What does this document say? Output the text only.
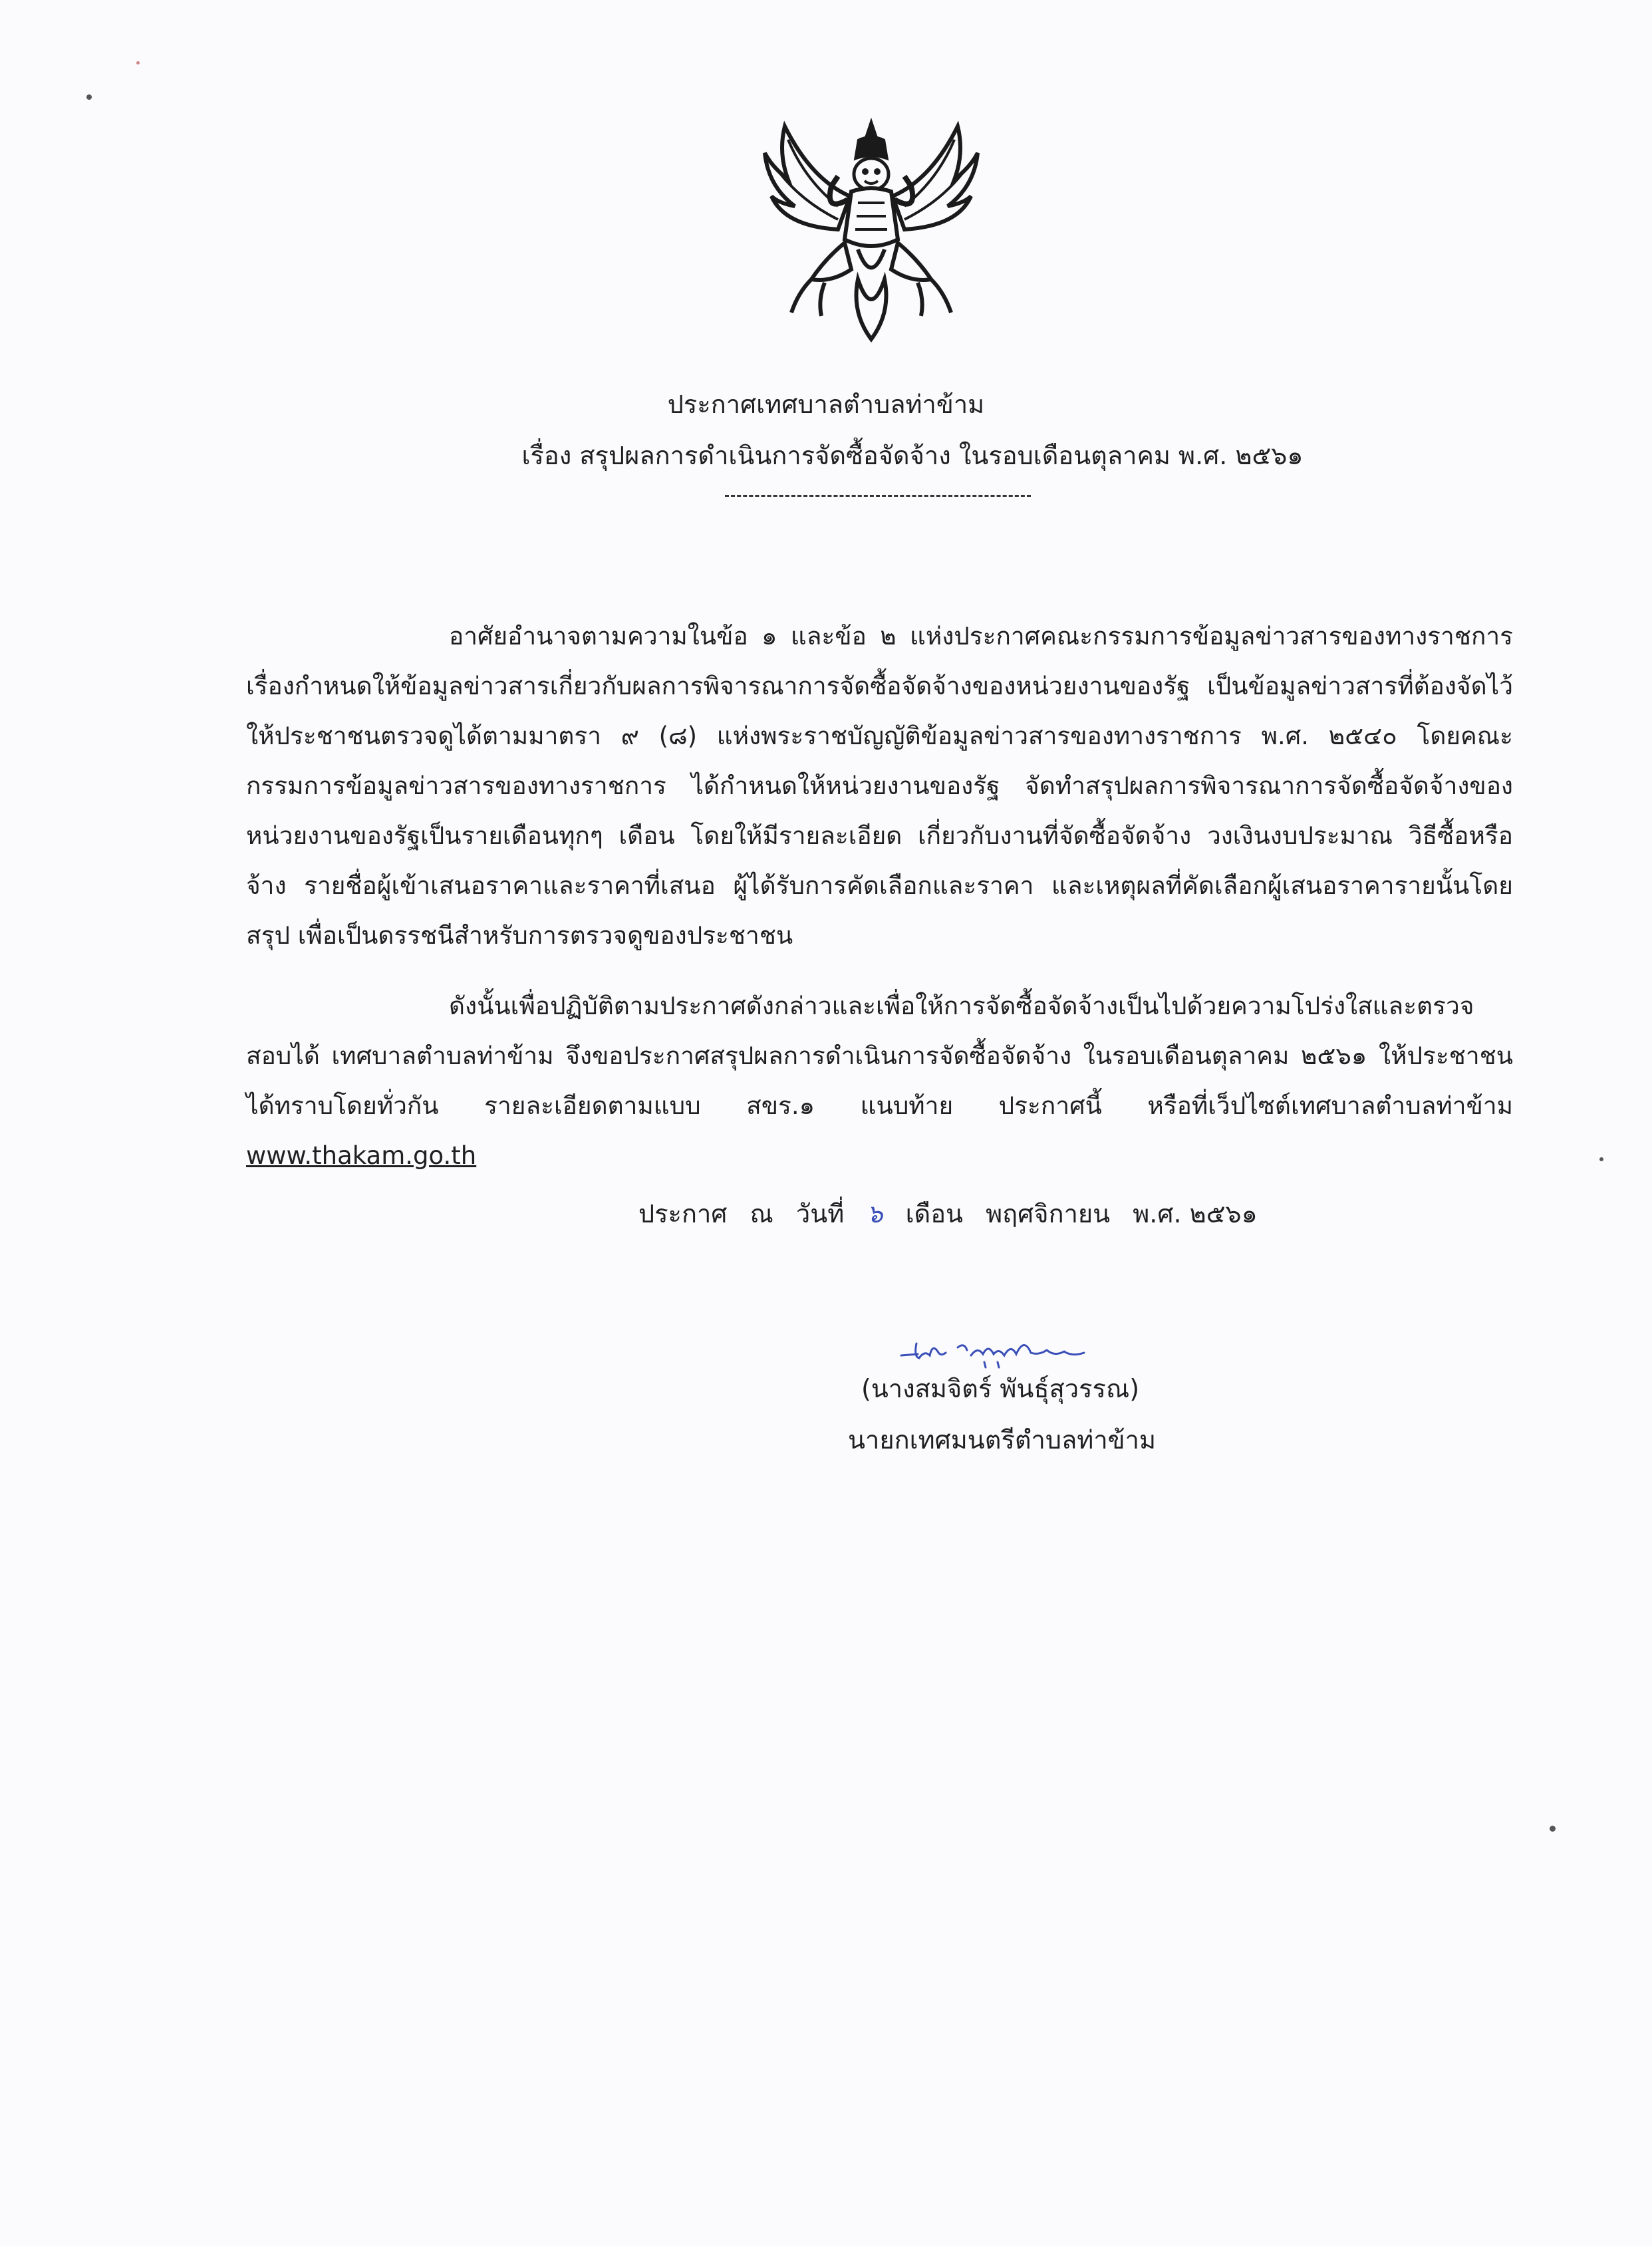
ประกาศเทศบาลตำบลท่าข้าม
เรื่อง สรุปผลการดำเนินการจัดซื้อจัดจ้าง ในรอบเดือนตุลาคม พ.ศ. ๒๕๖๑

อาศัยอำนาจตามความในข้อ ๑ และข้อ ๒ แห่งประกาศคณะกรรมการข้อมูลข่าวสารของทางราชการ เรื่องกำหนดให้ข้อมูลข่าวสารเกี่ยวกับผลการพิจารณาการจัดซื้อจัดจ้างของหน่วยงานของรัฐ เป็นข้อมูลข่าวสารที่ต้องจัดไว้ให้ประชาชนตรวจดูได้ตามมาตรา ๙ (๘) แห่งพระราชบัญญัติข้อมูลข่าวสารของทางราชการ พ.ศ. ๒๕๔๐ โดยคณะกรรมการข้อมูลข่าวสารของทางราชการ ได้กำหนดให้หน่วยงานของรัฐ จัดทำสรุปผลการพิจารณาการจัดซื้อจัดจ้างของหน่วยงานของรัฐเป็นรายเดือนทุกๆ เดือน โดยให้มีรายละเอียด เกี่ยวกับงานที่จัดซื้อจัดจ้าง วงเงินงบประมาณ วิธีซื้อหรือจ้าง รายชื่อผู้เข้าเสนอราคาและราคาที่เสนอ ผู้ได้รับการคัดเลือกและราคา และเหตุผลที่คัดเลือกผู้เสนอราคารายนั้นโดยสรุป เพื่อเป็นดรรชนีสำหรับการตรวจดูของประชาชน

ดังนั้นเพื่อปฏิบัติตามประกาศดังกล่าวและเพื่อให้การจัดซื้อจัดจ้างเป็นไปด้วยความโปร่งใสและตรวจสอบได้ เทศบาลตำบลท่าข้าม จึงขอประกาศสรุปผลการดำเนินการจัดซื้อจัดจ้าง ในรอบเดือนตุลาคม ๒๕๖๑ ให้ประชาชนได้ทราบโดยทั่วกัน รายละเอียดตามแบบ สขร.๑ แนบท้าย ประกาศนี้ หรือที่เว็ปไซต์เทศบาลตำบลท่าข้าม www.thakam.go.th

ประกาศ ณ วันที่ ๖ เดือน พฤศจิกายน พ.ศ. ๒๕๖๑
(นางสมจิตร์ พันธุ์สุวรรณ)
นายกเทศมนตรีตำบลท่าข้าม
